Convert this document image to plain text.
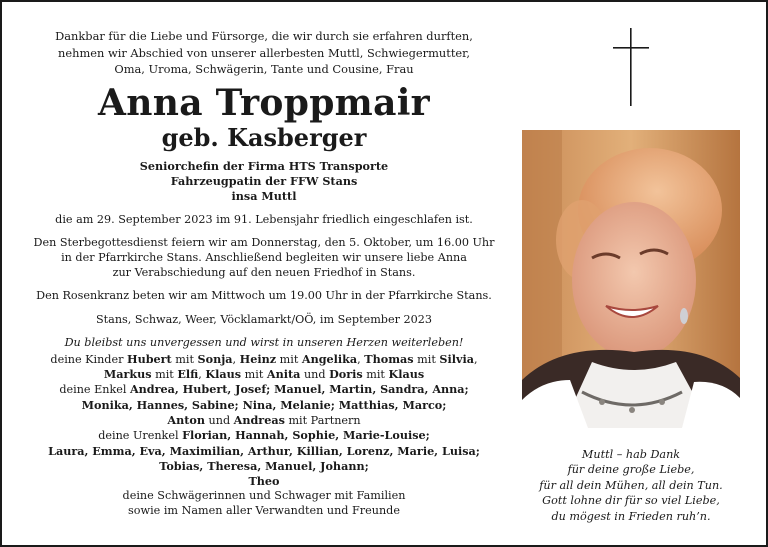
Dankbar für die Liebe und Fürsorge, die wir durch sie erfahren durften,
nehmen wir Abschied von unserer allerbesten Muttl, Schwiegermutter,
Oma, Uroma, Schwägerin, Tante und Cousine, Frau

Anna Troppmair
geb. Kasberger

Seniorchefin der Firma HTS Transporte
Fahrzeugpatin der FFW Stans
insa Muttl

die am 29. September 2023 im 91. Lebensjahr friedlich eingeschlafen ist.

Den Sterbegottesdienst feiern wir am Donnerstag, den 5. Oktober, um 16.00 Uhr
in der Pfarrkirche Stans. Anschließend begleiten wir unsere liebe Anna
zur Verabschiedung auf den neuen Friedhof in Stans.

Den Rosenkranz beten wir am Mittwoch um 19.00 Uhr in der Pfarrkirche Stans.

Stans, Schwaz, Weer, Vöcklamarkt/OÖ, im September 2023

Du bleibst uns unvergessen und wirst in unseren Herzen weiterleben!

deine Kinder Hubert mit Sonja, Heinz mit Angelika, Thomas mit Silvia,
Markus mit Elfi, Klaus mit Anita und Doris mit Klaus
deine Enkel Andrea, Hubert, Josef; Manuel, Martin, Sandra, Anna;
Monika, Hannes, Sabine; Nina, Melanie; Matthias, Marco;
Anton und Andreas mit Partnern
deine Urenkel Florian, Hannah, Sophie, Marie-Louise;
Laura, Emma, Eva, Maximilian, Arthur, Killian, Lorenz, Marie, Luisa;
Tobias, Theresa, Manuel, Johann;
Theo
deine Schwägerinnen und Schwager mit Familien
sowie im Namen aller Verwandten und Freunde

Muttl – hab Dank

für deine große Liebe,

für all dein Mühen, all dein Tun.

Gott lohne dir für so viel Liebe,

du mögest in Frieden ruh’n.
